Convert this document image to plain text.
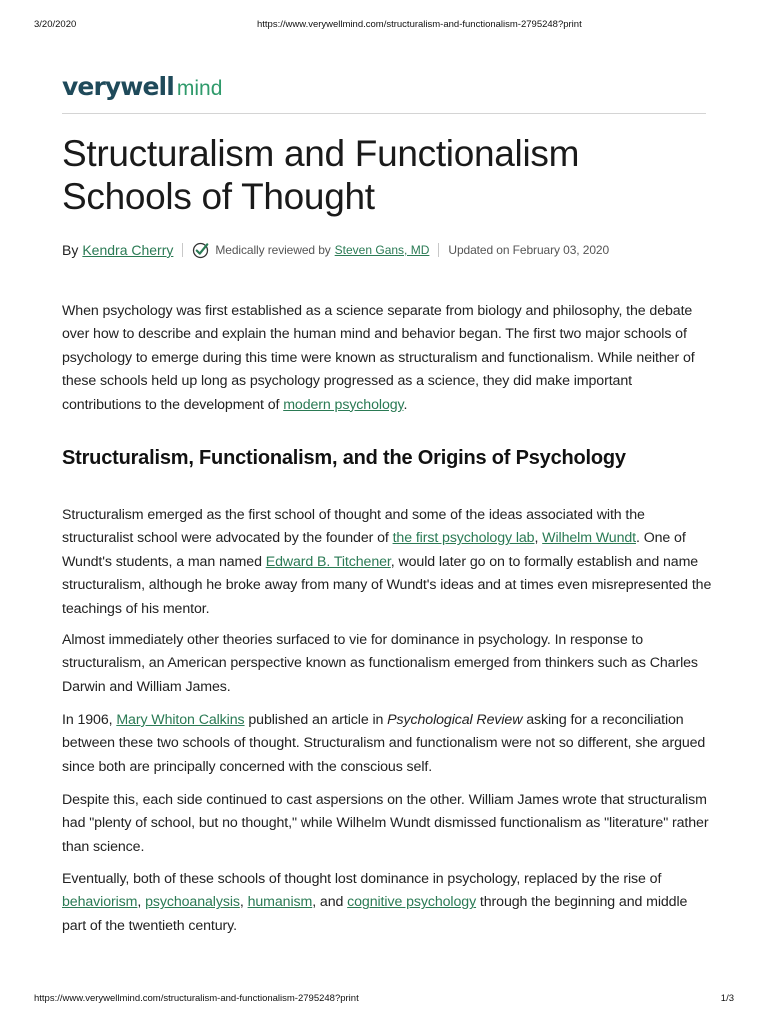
3/20/2020	https://www.verywellmind.com/structuralism-and-functionalism-2795248?print
verywell mind
Structuralism and Functionalism Schools of Thought
By Kendra Cherry	Medically reviewed by Steven Gans, MD Updated on February 03, 2020

When psychology was first established as a science separate from biology and philosophy, the debate over how to describe and explain the human mind and behavior began. The first two major schools of psychology to emerge during this time were known as structuralism and functionalism. While neither of these schools held up long as psychology progressed as a science, they did make important contributions to the development of modern psychology.

Structuralism, Functionalism, and the Origins of Psychology

Structuralism emerged as the first school of thought and some of the ideas associated with the structuralist school were advocated by the founder of the first psychology lab, Wilhelm Wundt. One of Wundt's students, a man named Edward B. Titchener, would later go on to formally establish and name structuralism, although he broke away from many of Wundt's ideas and at times even misrepresented the teachings of his mentor.

Almost immediately other theories surfaced to vie for dominance in psychology. In response to structuralism, an American perspective known as functionalism emerged from thinkers such as Charles Darwin and William James.

In 1906, Mary Whiton Calkins published an article in Psychological Review asking for a reconciliation between these two schools of thought. Structuralism and functionalism were not so different, she argued since both are principally concerned with the conscious self.

Despite this, each side continued to cast aspersions on the other. William James wrote that structuralism had "plenty of school, but no thought," while Wilhelm Wundt dismissed functionalism as "literature" rather than science.

Eventually, both of these schools of thought lost dominance in psychology, replaced by the rise of behaviorism, psychoanalysis, humanism, and cognitive psychology through the beginning and middle part of the twentieth century.

https://www.verywellmind.com/structuralism-and-functionalism-2795248?print	1/3
